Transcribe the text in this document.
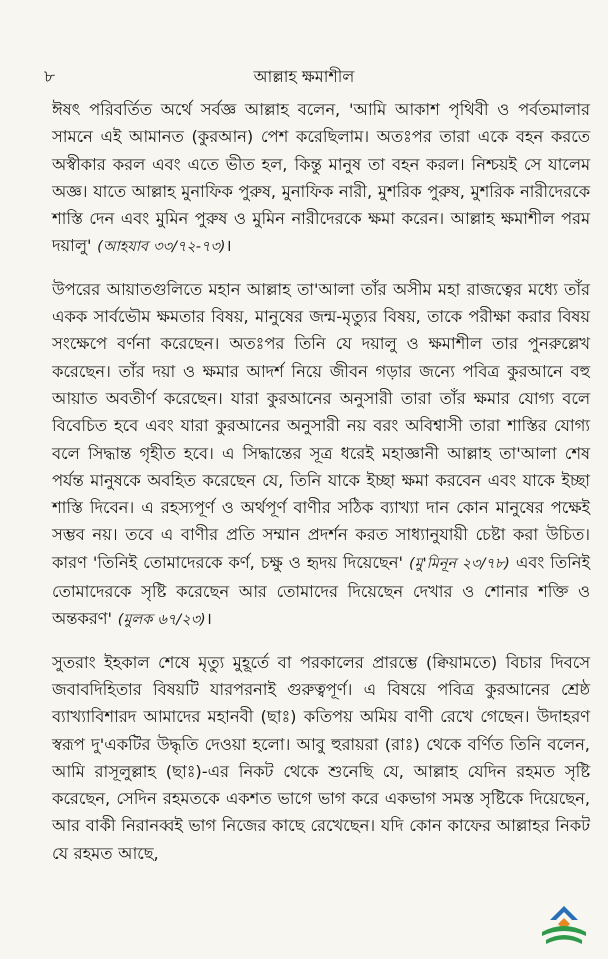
৮	আল্লাহ ক্ষমাশীল

ঈষৎ পরিবর্তিত অর্থে সর্বজ্ঞ আল্লাহ বলেন, 'আমি আকাশ পৃথিবী ও পর্বতমালার সামনে এই আমানত (কুরআন) পেশ করেছিলাম। অতঃপর তারা একে বহন করতে অস্বীকার করল এবং এতে ভীত হল, কিন্তু মানুষ তা বহন করল। নিশ্চয়ই সে যালেম অজ্ঞ। যাতে আল্লাহ মুনাফিক পুরুষ, মুনাফিক নারী, মুশরিক পুরুষ, মুশরিক নারীদেরকে শাস্তি দেন এবং মুমিন পুরুষ ও মুমিন নারীদেরকে ক্ষমা করেন। আল্লাহ ক্ষমাশীল পরম দয়ালু' (আহযাব ৩৩/৭২-৭৩)।

উপরের আয়াতগুলিতে মহান আল্লাহ তা'আলা তাঁর অসীম মহা রাজত্বের মধ্যে তাঁর একক সার্বভৌম ক্ষমতার বিষয়, মানুষের জন্ম-মৃত্যুর বিষয়, তাকে পরীক্ষা করার বিষয় সংক্ষেপে বর্ণনা করেছেন। অতঃপর তিনি যে দয়ালু ও ক্ষমাশীল তার পুনরুল্লেখ করেছেন। তাঁর দয়া ও ক্ষমার আদর্শ নিয়ে জীবন গড়ার জন্যে পবিত্র কুরআনে বহু আয়াত অবতীর্ণ করেছেন। যারা কুরআনের অনুসারী তারা তাঁর ক্ষমার যোগ্য বলে বিবেচিত হবে এবং যারা কুরআনের অনুসারী নয় বরং অবিশ্বাসী তারা শাস্তির যোগ্য বলে সিদ্ধান্ত গৃহীত হবে। এ সিদ্ধান্তের সূত্র ধরেই মহাজ্ঞানী আল্লাহ তা'আলা শেষ পর্যন্ত মানুষকে অবহিত করেছেন যে, তিনি যাকে ইচ্ছা ক্ষমা করবেন এবং যাকে ইচ্ছা শাস্তি দিবেন। এ রহস্যপূর্ণ ও অর্থপূর্ণ বাণীর সঠিক ব্যাখ্যা দান কোন মানুষের পক্ষেই সম্ভব নয়। তবে এ বাণীর প্রতি সম্মান প্রদর্শন করত সাধ্যানুযায়ী চেষ্টা করা উচিত। কারণ 'তিনিই তোমাদেরকে কর্ণ, চক্ষু ও হৃদয় দিয়েছেন' (মু'মিনূন ২৩/৭৮) এবং তিনিই তোমাদেরকে সৃষ্টি করেছেন আর তোমাদের দিয়েছেন দেখার ও শোনার শক্তি ও অন্তকরণ' (মুলক ৬৭/২৩)।

সুতরাং ইহকাল শেষে মৃত্যু মুহূর্তে বা পরকালের প্রারম্ভে (ক্বিয়ামতে) বিচার দিবসে জবাবদিহিতার বিষয়টি যারপরনাই গুরুত্বপূর্ণ। এ বিষয়ে পবিত্র কুরআনের শ্রেষ্ঠ ব্যাখ্যাবিশারদ আমাদের মহানবী (ছাঃ) কতিপয় অমিয় বাণী রেখে গেছেন। উদাহরণ স্বরূপ দু'একটির উদ্ধৃতি দেওয়া হলো। আবু হুরায়রা (রাঃ) থেকে বর্ণিত তিনি বলেন, আমি রাসূলুল্লাহ (ছাঃ)-এর নিকট থেকে শুনেছি যে, আল্লাহ যেদিন রহমত সৃষ্টি করেছেন, সেদিন রহমতকে একশত ভাগে ভাগ করে একভাগ সমস্ত সৃষ্টিকে দিয়েছেন, আর বাকী নিরানব্বই ভাগ নিজের কাছে রেখেছেন। যদি কোন কাফের আল্লাহর নিকট যে রহমত আছে,
